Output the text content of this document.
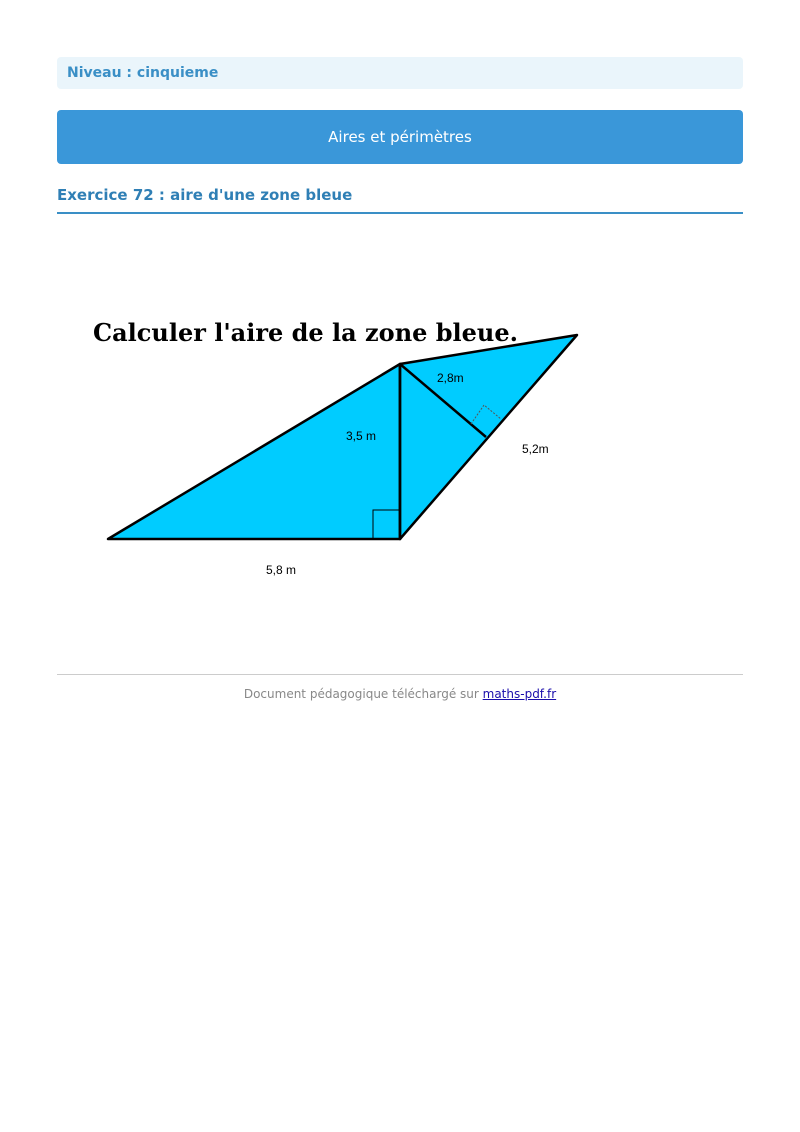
Niveau : cinquieme
Aires et périmètres
Exercice 72 : aire d'une zone bleue
Calculer l'aire de la zone bleue.
3,5 m
2,8m
5,2m
5,8 m
Document pédagogique téléchargé sur maths-pdf.fr
